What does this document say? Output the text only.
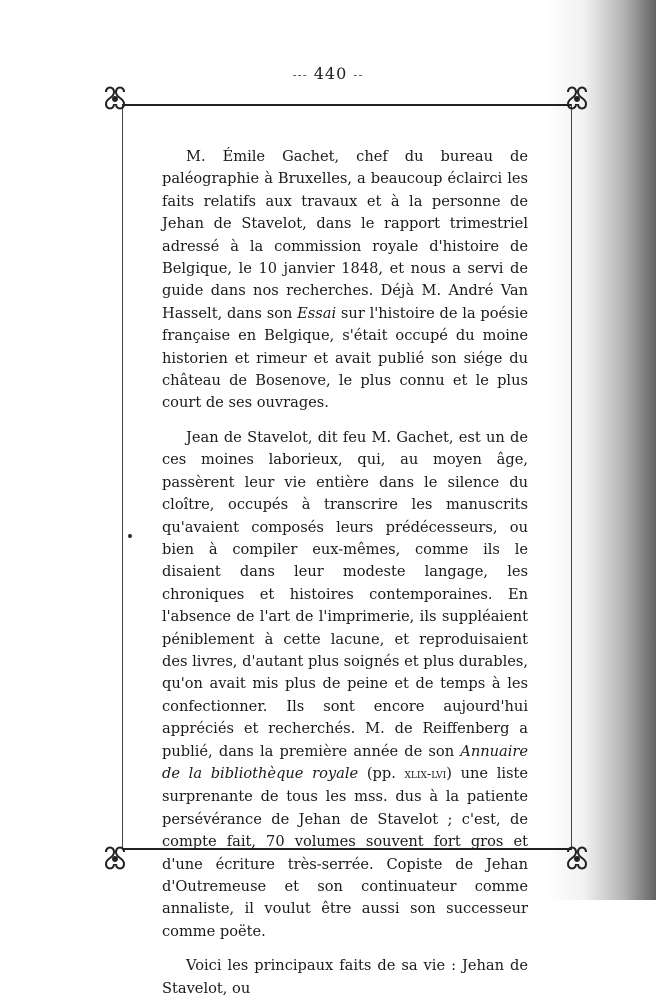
--- 440 --

M. Émile Gachet, chef du bureau de paléographie à Bruxelles, a beaucoup éclairci les faits relatifs aux travaux et à la personne de Jehan de Stavelot, dans le rapport trimestriel adressé à la commission royale d'histoire de Belgique, le 10 janvier 1848, et nous a servi de guide dans nos recherches. Déjà M. André Van Hasselt, dans son Essai sur l'histoire de la poésie française en Belgique, s'était occupé du moine historien et rimeur et avait publié son siége du château de Bosenove, le plus connu et le plus court de ses ouvrages.

Jean de Stavelot, dit feu M. Gachet, est un de ces moines laborieux, qui, au moyen âge, passèrent leur vie entière dans le silence du cloître, occupés à transcrire les manuscrits qu'avaient composés leurs prédécesseurs, ou bien à compiler eux-mêmes, comme ils le disaient dans leur modeste langage, les chroniques et histoires contemporaines. En l'absence de l'art de l'imprimerie, ils suppléaient péniblement à cette lacune, et reproduisaient des livres, d'autant plus soignés et plus durables, qu'on avait mis plus de peine et de temps à les confectionner. Ils sont encore aujourd'hui appréciés et recherchés. M. de Reiffenberg a publié, dans la première année de son Annuaire de la bibliothèque royale (pp. xlix-lvi) une liste surprenante de tous les mss. dus à la patiente persévérance de Jehan de Stavelot ; c'est, de compte fait, 70 volumes souvent fort gros et d'une écriture très-serrée. Copiste de Jehan d'Outremeuse et son continuateur comme annaliste, il voulut être aussi son successeur comme poëte.

Voici les principaux faits de sa vie : Jehan de Stavelot, ou
